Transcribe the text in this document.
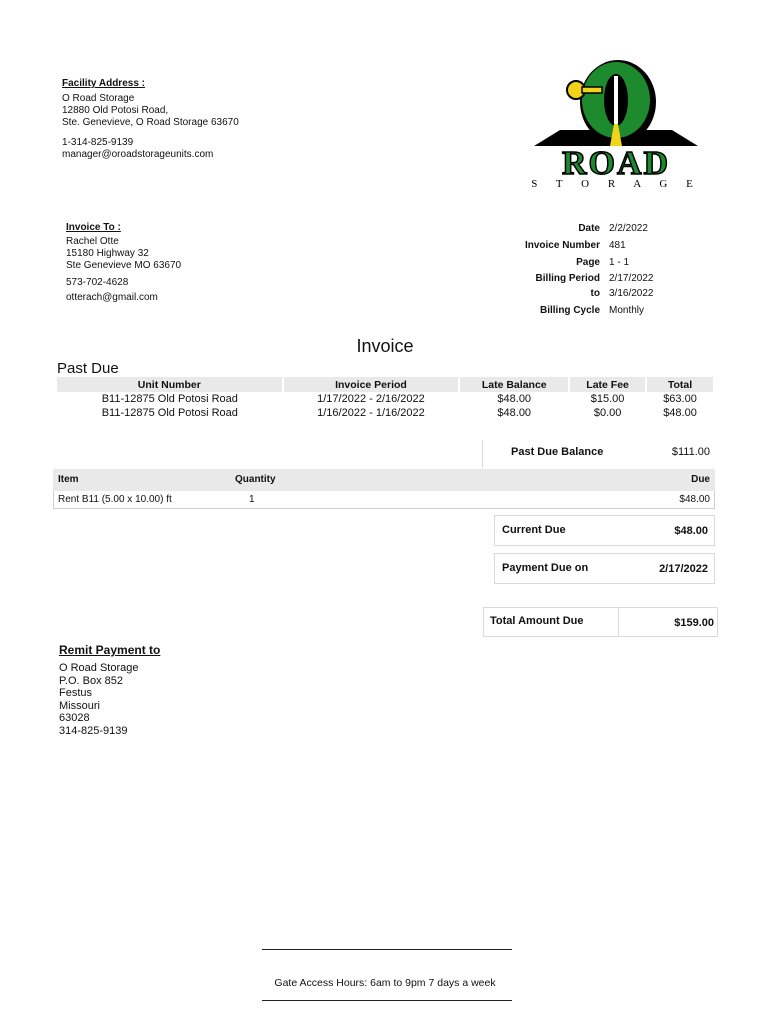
Facility Address :
O Road Storage
12880 Old Potosi Road,
Ste. Genevieve, O Road Storage 63670
1-314-825-9139
manager@oroadstorageunits.com	ROAD
S T O R A G E
Invoice To :
Rachel Otte
15180 Highway 32
Ste Genevieve MO 63670
573-702-4628
otterach@gmail.com
Date 2/2/2022
Invoice Number 481
Page 1 - 1
Billing Period 2/17/2022
to 3/16/2022
Billing Cycle Monthly
Invoice
Past Due
Unit Number	Invoice Period	Late Balance	Late Fee	Total
B11-12875 Old Potosi Road	1/17/2022 - 2/16/2022	$48.00	$15.00	$63.00
B11-12875 Old Potosi Road	1/16/2022 - 1/16/2022	$48.00	$0.00	$48.00
Past Due Balance	$111.00
Item	Quantity	Due
Rent B11 (5.00 x 10.00) ft	1	$48.00
Current Due	$48.00
Payment Due on	2/17/2022
Total Amount Due	$159.00
Remit Payment to
O Road Storage
P.O. Box 852
Festus
Missouri
63028
314-825-9139
Gate Access Hours: 6am to 9pm 7 days a week
